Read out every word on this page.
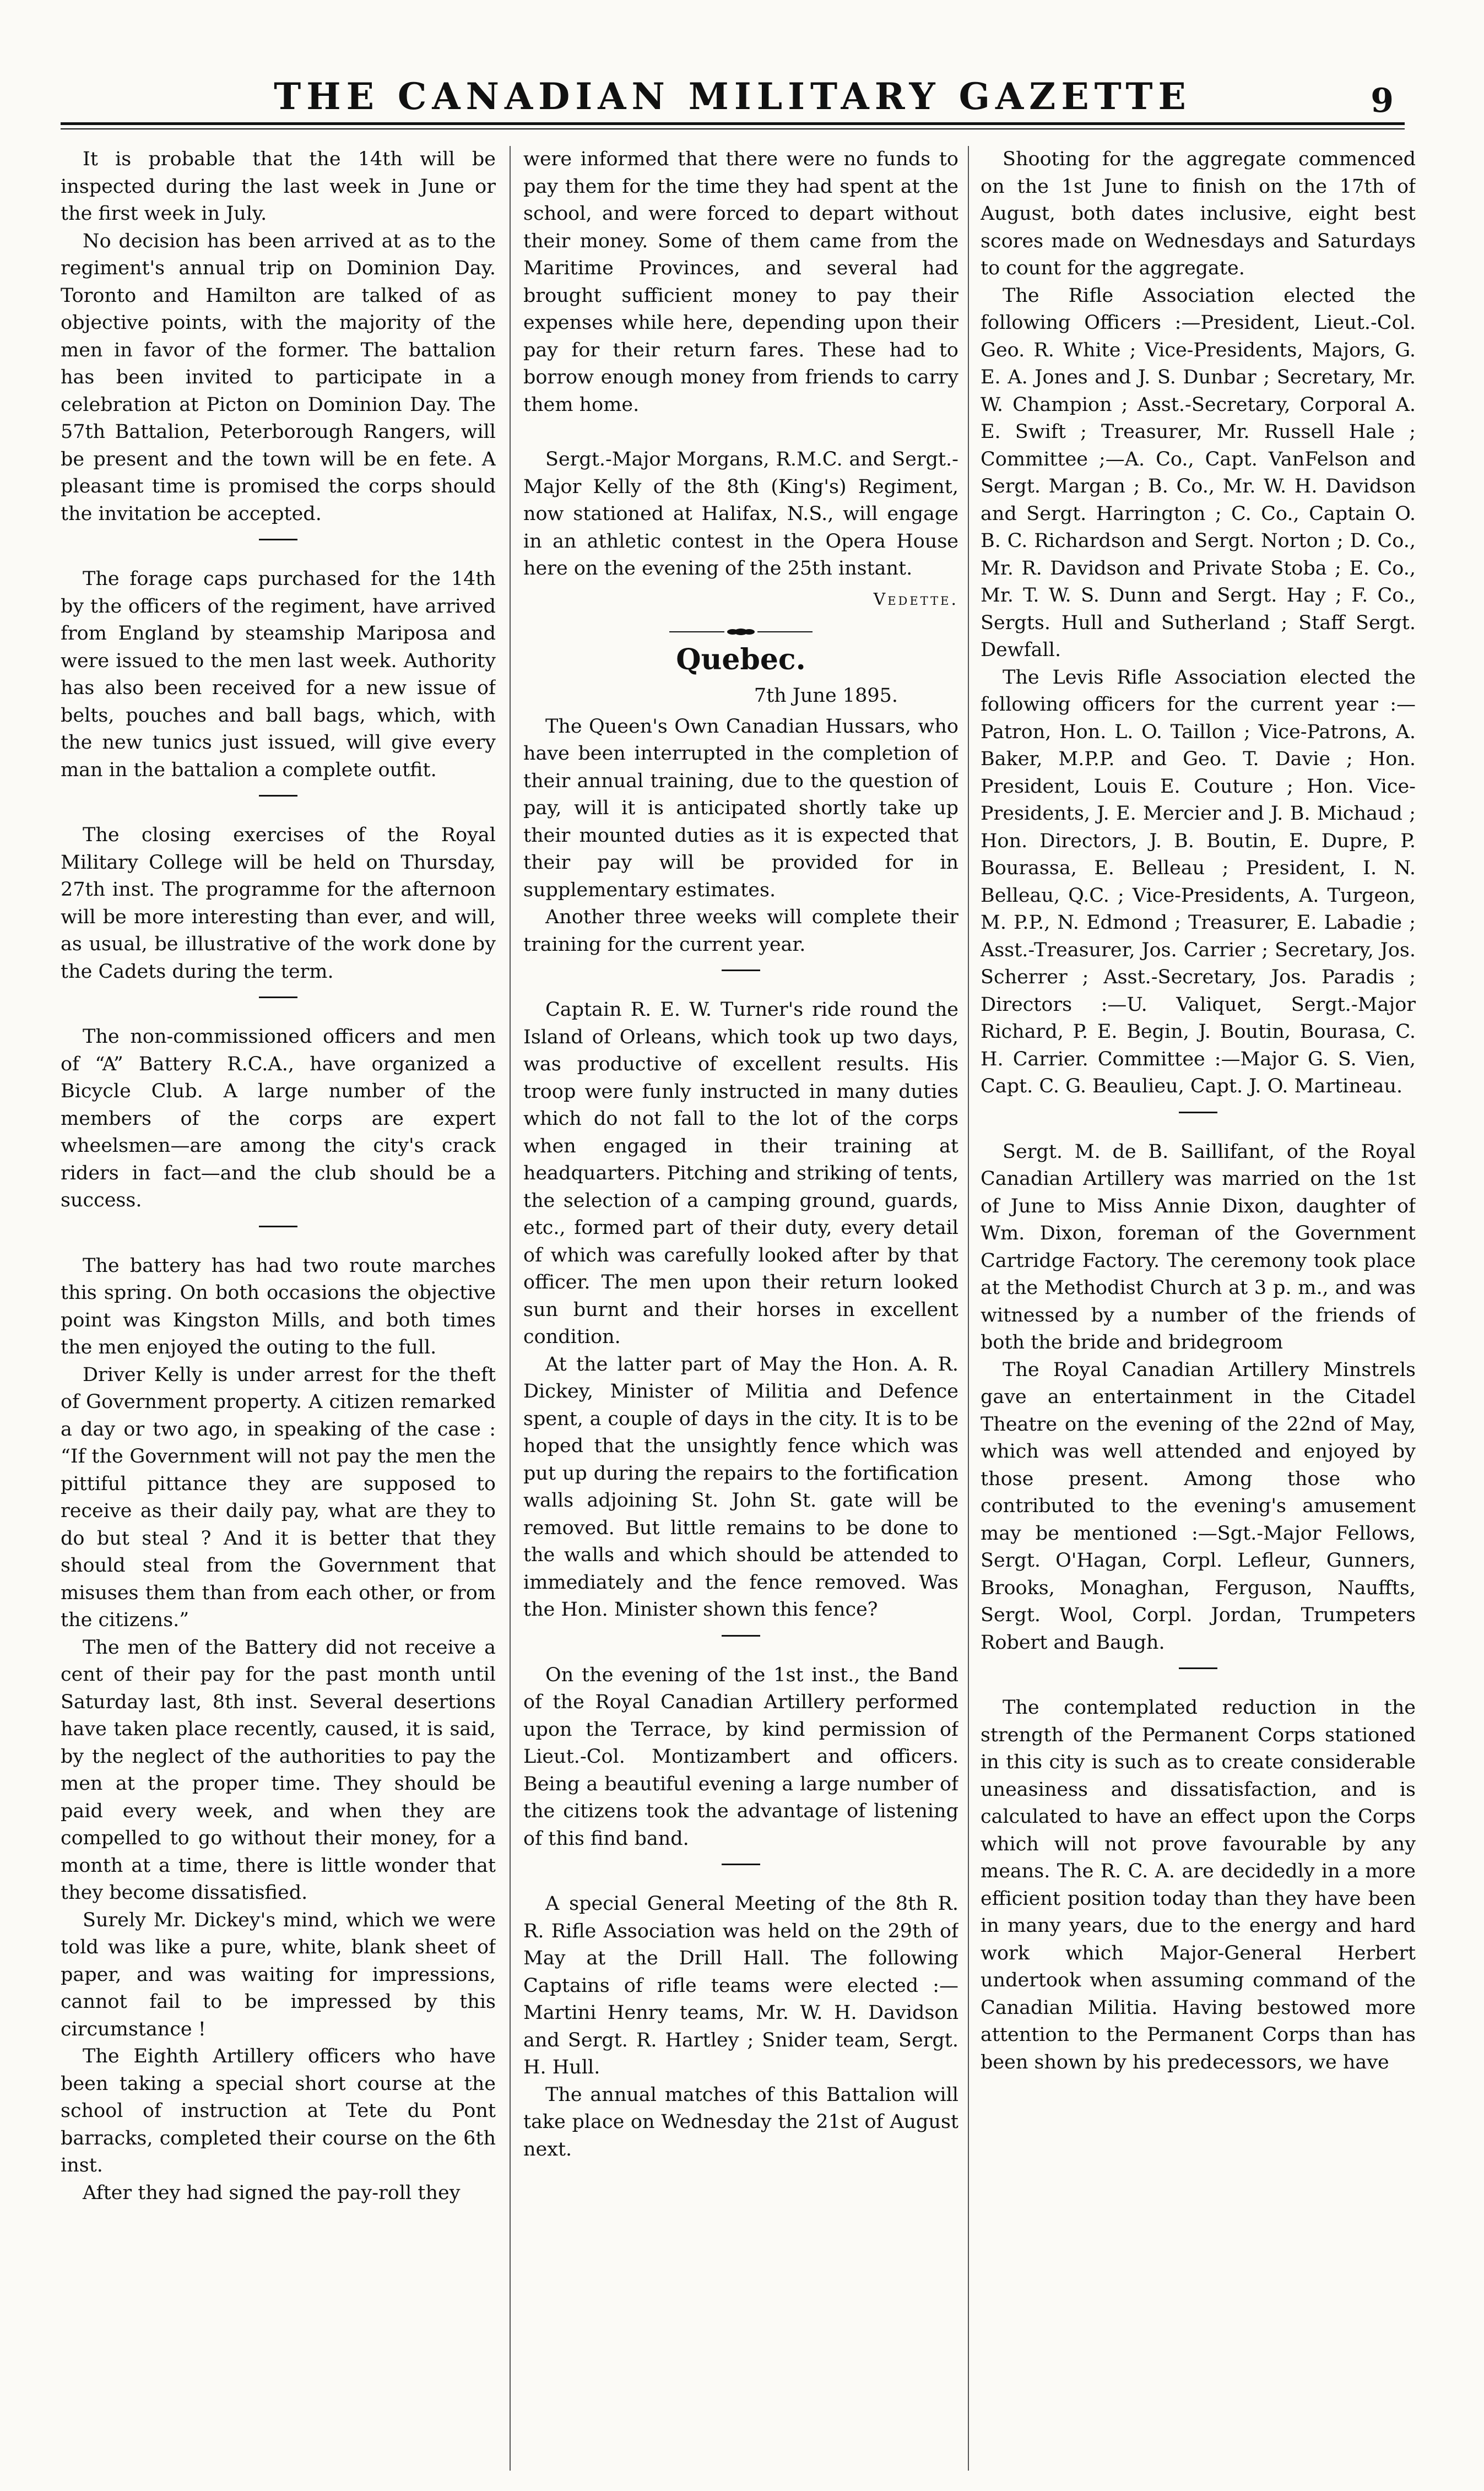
THE CANADIAN MILITARY GAZETTE	9

It is probable that the 14th will be inspected during the last week in June or the first week in July.

No decision has been arrived at as to the regiment's annual trip on Dominion Day. Toronto and Hamilton are talked of as objective points, with the majority of the men in favor of the former. The battalion has been invited to participate in a celebration at Picton on Dominion Day. The 57th Battalion, Peterborough Rangers, will be present and the town will be en fete. A pleasant time is promised the corps should the invitation be accepted.

The forage caps purchased for the 14th by the officers of the regiment, have arrived from England by steamship Mariposa and were issued to the men last week. Authority has also been received for a new issue of belts, pouches and ball bags, which, with the new tunics just issued, will give every man in the battalion a complete outfit.

The closing exercises of the Royal Military College will be held on Thursday, 27th inst. The programme for the afternoon will be more interesting than ever, and will, as usual, be illustrative of the work done by the Cadets during the term.

The non-commissioned officers and men of “A” Battery R.C.A., have organized a Bicycle Club. A large number of the members of the corps are expert wheelsmen—are among the city's crack riders in fact—and the club should be a success.

The battery has had two route marches this spring. On both occasions the objective point was Kingston Mills, and both times the men enjoyed the outing to the full.

Driver Kelly is under arrest for the theft of Government property. A citizen remarked a day or two ago, in speaking of the case : “If the Government will not pay the men the pittiful pittance they are supposed to receive as their daily pay, what are they to do but steal ? And it is better that they should steal from the Government that misuses them than from each other, or from the citizens.”

The men of the Battery did not receive a cent of their pay for the past month until Saturday last, 8th inst. Several desertions have taken place recently, caused, it is said, by the neglect of the authorities to pay the men at the proper time. They should be paid every week, and when they are compelled to go without their money, for a month at a time, there is little wonder that they become dissatisfied.

Surely Mr. Dickey's mind, which we were told was like a pure, white, blank sheet of paper, and was waiting for impressions, cannot fail to be impressed by this circumstance !

The Eighth Artillery officers who have been taking a special short course at the school of instruction at Tete du Pont barracks, completed their course on the 6th inst.

After they had signed the pay-roll they

were informed that there were no funds to pay them for the time they had spent at the school, and were forced to depart without their money. Some of them came from the Maritime Provinces, and several had brought sufficient money to pay their expenses while here, depending upon their pay for their return fares. These had to borrow enough money from friends to carry them home.

Sergt.-Major Morgans, R.M.C. and Sergt.-Major Kelly of the 8th (King's) Regiment, now stationed at Halifax, N.S., will engage in an athletic contest in the Opera House here on the evening of the 25th instant.

Vedette.
Quebec.
7th June 1895.

The Queen's Own Canadian Hussars, who have been interrupted in the completion of their annual training, due to the question of pay, will it is anticipated shortly take up their mounted duties as it is expected that their pay will be provided for in supplementary estimates.

Another three weeks will complete their training for the current year.

Captain R. E. W. Turner's ride round the Island of Orleans, which took up two days, was productive of excellent results. His troop were funly instructed in many duties which do not fall to the lot of the corps when engaged in their training at headquarters. Pitching and striking of tents, the selection of a camping ground, guards, etc., formed part of their duty, every detail of which was carefully looked after by that officer. The men upon their return looked sun burnt and their horses in excellent condition.

At the latter part of May the Hon. A. R. Dickey, Minister of Militia and Defence spent, a couple of days in the city. It is to be hoped that the unsightly fence which was put up during the repairs to the fortification walls adjoining St. John St. gate will be removed. But little remains to be done to the walls and which should be attended to immediately and the fence removed. Was the Hon. Minister shown this fence?

On the evening of the 1st inst., the Band of the Royal Canadian Artillery performed upon the Terrace, by kind permission of Lieut.-Col. Montizambert and officers. Being a beautiful evening a large number of the citizens took the advantage of listening of this find band.

A special General Meeting of the 8th R. R. Rifle Association was held on the 29th of May at the Drill Hall. The following Captains of rifle teams were elected :—Martini Henry teams, Mr. W. H. Davidson and Sergt. R. Hartley ; Snider team, Sergt. H. Hull.

The annual matches of this Battalion will take place on Wednesday the 21st of August next.

Shooting for the aggregate commenced on the 1st June to finish on the 17th of August, both dates inclusive, eight best scores made on Wednesdays and Saturdays to count for the aggregate.

The Rifle Association elected the following Officers :—President, Lieut.-Col. Geo. R. White ; Vice-Presidents, Majors, G. E. A. Jones and J. S. Dunbar ; Secretary, Mr. W. Champion ; Asst.-Secretary, Corporal A. E. Swift ; Treasurer, Mr. Russell Hale ; Committee ;—A. Co., Capt. VanFelson and Sergt. Margan ; B. Co., Mr. W. H. Davidson and Sergt. Harrington ; C. Co., Captain O. B. C. Richardson and Sergt. Norton ; D. Co., Mr. R. Davidson and Private Stoba ; E. Co., Mr. T. W. S. Dunn and Sergt. Hay ; F. Co., Sergts. Hull and Sutherland ; Staff Sergt. Dewfall.

The Levis Rifle Association elected the following officers for the current year :—Patron, Hon. L. O. Taillon ; Vice-Patrons, A. Baker, M.P.P. and Geo. T. Davie ; Hon. President, Louis E. Couture ; Hon. Vice-Presidents, J. E. Mercier and J. B. Michaud ; Hon. Directors, J. B. Boutin, E. Dupre, P. Bourassa, E. Belleau ; President, I. N. Belleau, Q.C. ; Vice-Presidents, A. Turgeon, M. P.P., N. Edmond ; Treasurer, E. Labadie ; Asst.-Treasurer, Jos. Carrier ; Secretary, Jos. Scherrer ; Asst.-Secretary, Jos. Paradis ; Directors :—U. Valiquet, Sergt.-Major Richard, P. E. Begin, J. Boutin, Bourasa, C. H. Carrier. Committee :—Major G. S. Vien, Capt. C. G. Beaulieu, Capt. J. O. Martineau.

Sergt. M. de B. Saillifant, of the Royal Canadian Artillery was married on the 1st of June to Miss Annie Dixon, daughter of Wm. Dixon, foreman of the Government Cartridge Factory. The ceremony took place at the Methodist Church at 3 p. m., and was witnessed by a number of the friends of both the bride and bridegroom

The Royal Canadian Artillery Minstrels gave an entertainment in the Citadel Theatre on the evening of the 22nd of May, which was well attended and enjoyed by those present. Among those who contributed to the evening's amusement may be mentioned :—Sgt.-Major Fellows, Sergt. O'Hagan, Corpl. Lefleur, Gunners, Brooks, Monaghan, Ferguson, Nauffts, Sergt. Wool, Corpl. Jordan, Trumpeters Robert and Baugh.

The contemplated reduction in the strength of the Permanent Corps stationed in this city is such as to create considerable uneasiness and dissatisfaction, and is calculated to have an effect upon the Corps which will not prove favourable by any means. The R. C. A. are decidedly in a more efficient position today than they have been in many years, due to the energy and hard work which Major-General Herbert undertook when assuming command of the Canadian Militia. Having bestowed more attention to the Permanent Corps than has been shown by his predecessors, we have
